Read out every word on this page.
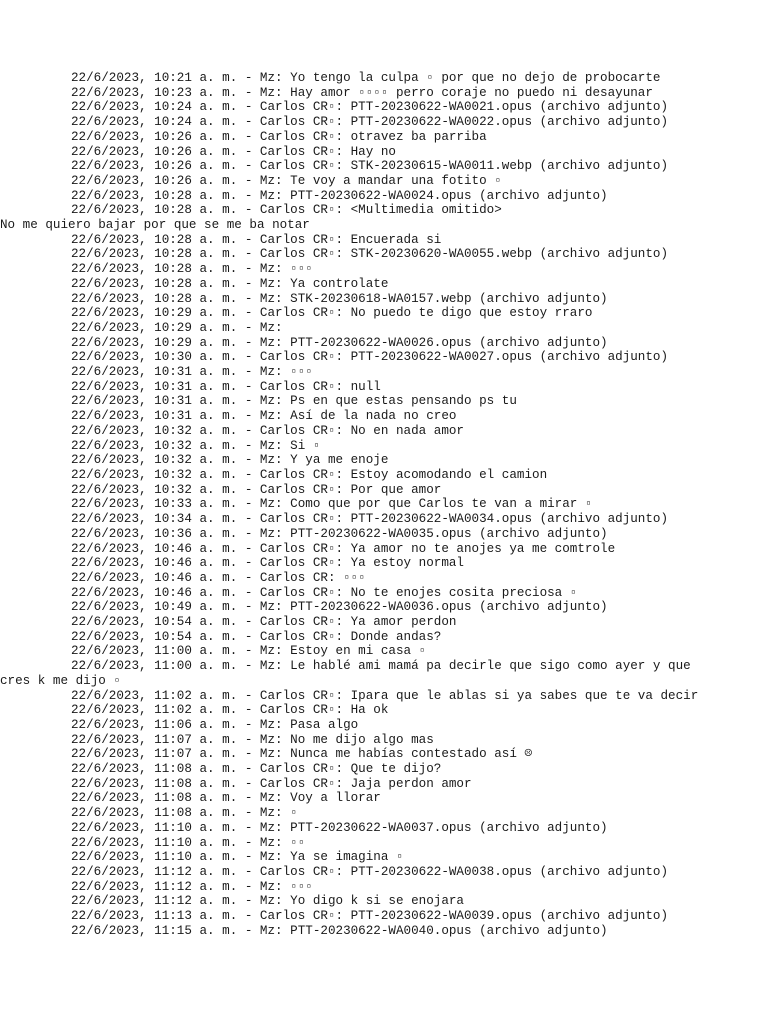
22/6/2023, 10:21 a. m. - Mz: Yo tengo la culpa ▫ por que no dejo de probocarte
22/6/2023, 10:23 a. m. - Mz: Hay amor ▫▫▫▫ perro coraje no puedo ni desayunar
22/6/2023, 10:24 a. m. - Carlos CR▫: PTT-20230622-WA0021.opus (archivo adjunto)
22/6/2023, 10:24 a. m. - Carlos CR▫: PTT-20230622-WA0022.opus (archivo adjunto)
22/6/2023, 10:26 a. m. - Carlos CR▫: otravez ba parriba
22/6/2023, 10:26 a. m. - Carlos CR▫: Hay no
22/6/2023, 10:26 a. m. - Carlos CR▫: STK-20230615-WA0011.webp (archivo adjunto)
22/6/2023, 10:26 a. m. - Mz: Te voy a mandar una fotito ▫
22/6/2023, 10:28 a. m. - Mz: PTT-20230622-WA0024.opus (archivo adjunto)
22/6/2023, 10:28 a. m. - Carlos CR▫: <Multimedia omitido>
No me quiero bajar por que se me ba notar
22/6/2023, 10:28 a. m. - Carlos CR▫: Encuerada si
22/6/2023, 10:28 a. m. - Carlos CR▫: STK-20230620-WA0055.webp (archivo adjunto)
22/6/2023, 10:28 a. m. - Mz: ▫▫▫
22/6/2023, 10:28 a. m. - Mz: Ya controlate
22/6/2023, 10:28 a. m. - Mz: STK-20230618-WA0157.webp (archivo adjunto)
22/6/2023, 10:29 a. m. - Carlos CR▫: No puedo te digo que estoy rraro
22/6/2023, 10:29 a. m. - Mz:
22/6/2023, 10:29 a. m. - Mz: PTT-20230622-WA0026.opus (archivo adjunto)
22/6/2023, 10:30 a. m. - Carlos CR▫: PTT-20230622-WA0027.opus (archivo adjunto)
22/6/2023, 10:31 a. m. - Mz: ▫▫▫
22/6/2023, 10:31 a. m. - Carlos CR▫: null
22/6/2023, 10:31 a. m. - Mz: Ps en que estas pensando ps tu
22/6/2023, 10:31 a. m. - Mz: Así de la nada no creo
22/6/2023, 10:32 a. m. - Carlos CR▫: No en nada amor
22/6/2023, 10:32 a. m. - Mz: Si ▫
22/6/2023, 10:32 a. m. - Mz: Y ya me enoje
22/6/2023, 10:32 a. m. - Carlos CR▫: Estoy acomodando el camion
22/6/2023, 10:32 a. m. - Carlos CR▫: Por que amor
22/6/2023, 10:33 a. m. - Mz: Como que por que Carlos te van a mirar ▫
22/6/2023, 10:34 a. m. - Carlos CR▫: PTT-20230622-WA0034.opus (archivo adjunto)
22/6/2023, 10:36 a. m. - Mz: PTT-20230622-WA0035.opus (archivo adjunto)
22/6/2023, 10:46 a. m. - Carlos CR▫: Ya amor no te anojes ya me comtrole
22/6/2023, 10:46 a. m. - Carlos CR▫: Ya estoy normal
22/6/2023, 10:46 a. m. - Carlos CR: ▫▫▫
22/6/2023, 10:46 a. m. - Carlos CR▫: No te enojes cosita preciosa ▫
22/6/2023, 10:49 a. m. - Mz: PTT-20230622-WA0036.opus (archivo adjunto)
22/6/2023, 10:54 a. m. - Carlos CR▫: Ya amor perdon
22/6/2023, 10:54 a. m. - Carlos CR▫: Donde andas?
22/6/2023, 11:00 a. m. - Mz: Estoy en mi casa ▫
22/6/2023, 11:00 a. m. - Mz: Le hablé ami mamá pa decirle que sigo como ayer y que
cres k me dijo ▫
22/6/2023, 11:02 a. m. - Carlos CR▫: Ipara que le ablas si ya sabes que te va decir
22/6/2023, 11:02 a. m. - Carlos CR▫: Ha ok
22/6/2023, 11:06 a. m. - Mz: Pasa algo
22/6/2023, 11:07 a. m. - Mz: No me dijo algo mas
22/6/2023, 11:07 a. m. - Mz: Nunca me habías contestado así ☹
22/6/2023, 11:08 a. m. - Carlos CR▫: Que te dijo?
22/6/2023, 11:08 a. m. - Carlos CR▫: Jaja perdon amor
22/6/2023, 11:08 a. m. - Mz: Voy a llorar
22/6/2023, 11:08 a. m. - Mz: ▫
22/6/2023, 11:10 a. m. - Mz: PTT-20230622-WA0037.opus (archivo adjunto)
22/6/2023, 11:10 a. m. - Mz: ▫▫
22/6/2023, 11:10 a. m. - Mz: Ya se imagina ▫
22/6/2023, 11:12 a. m. - Carlos CR▫: PTT-20230622-WA0038.opus (archivo adjunto)
22/6/2023, 11:12 a. m. - Mz: ▫▫▫
22/6/2023, 11:12 a. m. - Mz: Yo digo k si se enojara
22/6/2023, 11:13 a. m. - Carlos CR▫: PTT-20230622-WA0039.opus (archivo adjunto)
22/6/2023, 11:15 a. m. - Mz: PTT-20230622-WA0040.opus (archivo adjunto)
